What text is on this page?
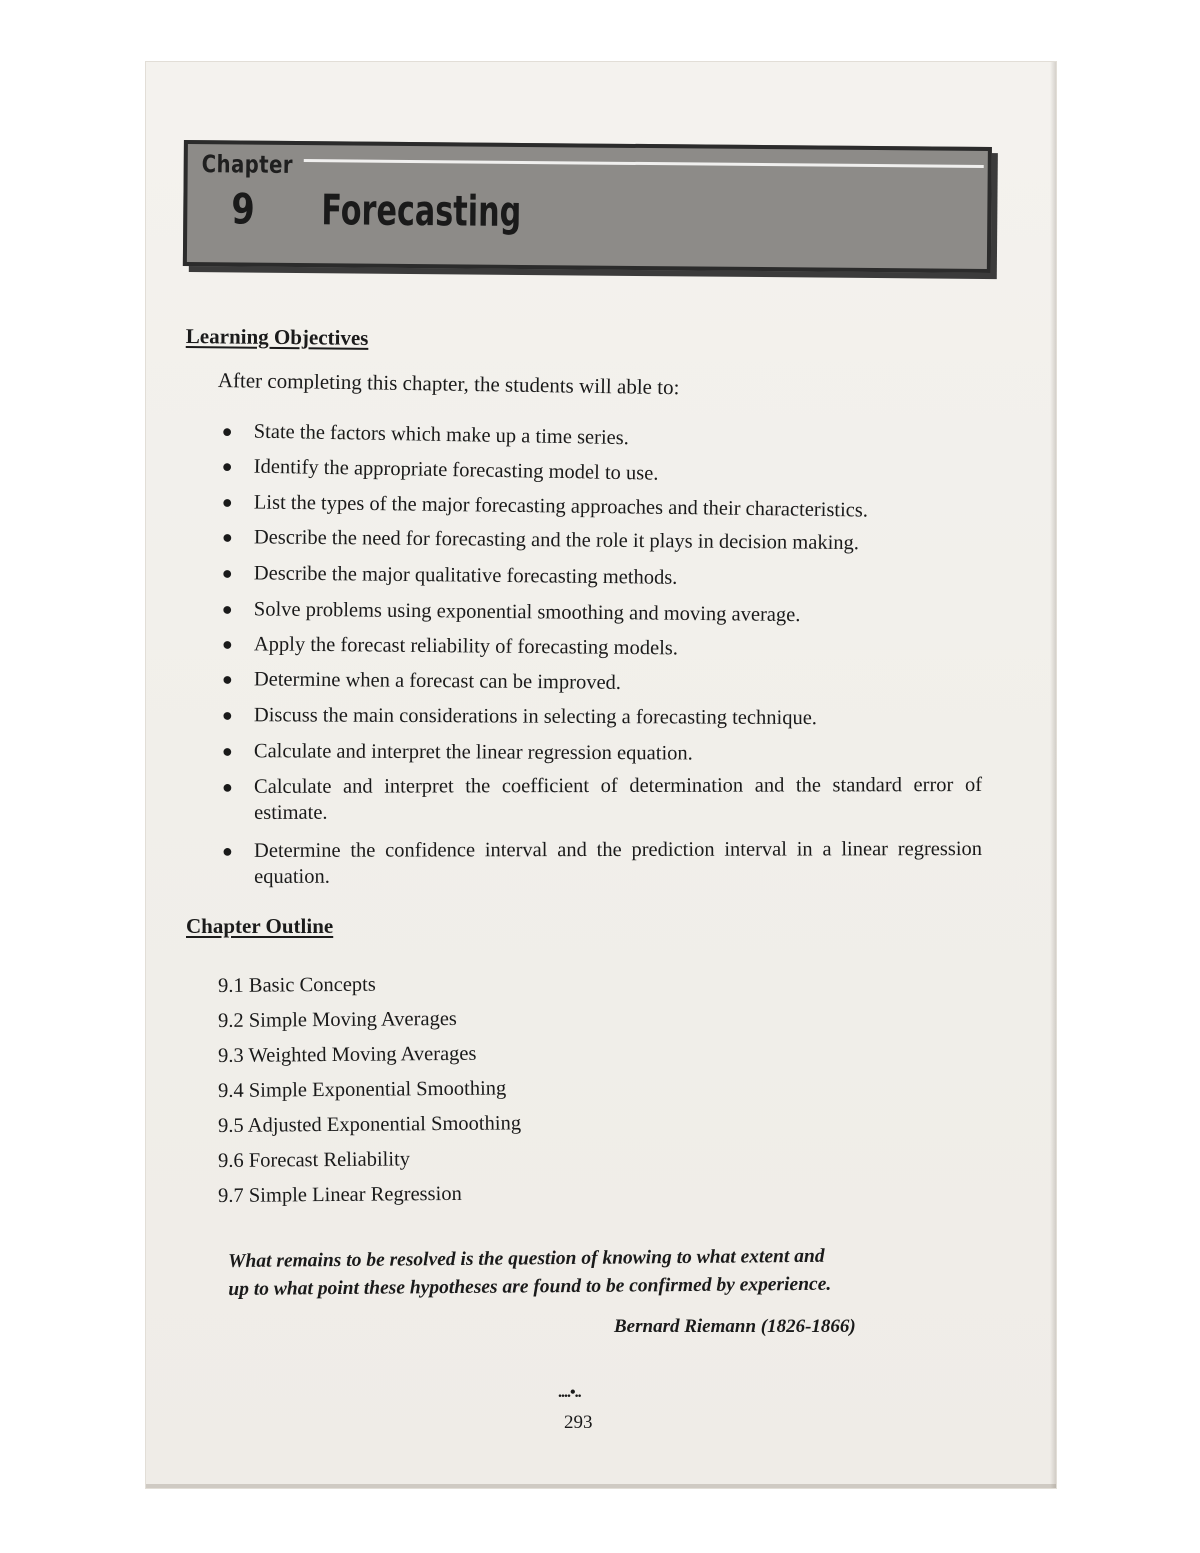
Chapter
9 Forecasting
Learning Objectives
After completing this chapter, the students will able to:
● State the factors which make up a time series.
● Identify the appropriate forecasting model to use.
● List the types of the major forecasting approaches and their characteristics.
● Describe the need for forecasting and the role it plays in decision making.
● Describe the major qualitative forecasting methods.
● Solve problems using exponential smoothing and moving average.
● Apply the forecast reliability of forecasting models.
● Determine when a forecast can be improved.
● Discuss the main considerations in selecting a forecasting technique.
● Calculate and interpret the linear regression equation.
● Calculate and interpret the coefficient of determination and the standard error of estimate.
● Determine the confidence interval and the prediction interval in a linear regression equation.
Chapter Outline
9.1 Basic Concepts
9.2 Simple Moving Averages
9.3 Weighted Moving Averages
9.4 Simple Exponential Smoothing
9.5 Adjusted Exponential Smoothing
9.6 Forecast Reliability
9.7 Simple Linear Regression
What remains to be resolved is the question of knowing to what extent and
up to what point these hypotheses are found to be confirmed by experience.
Bernard Riemann (1826-1866)
....•..
293
